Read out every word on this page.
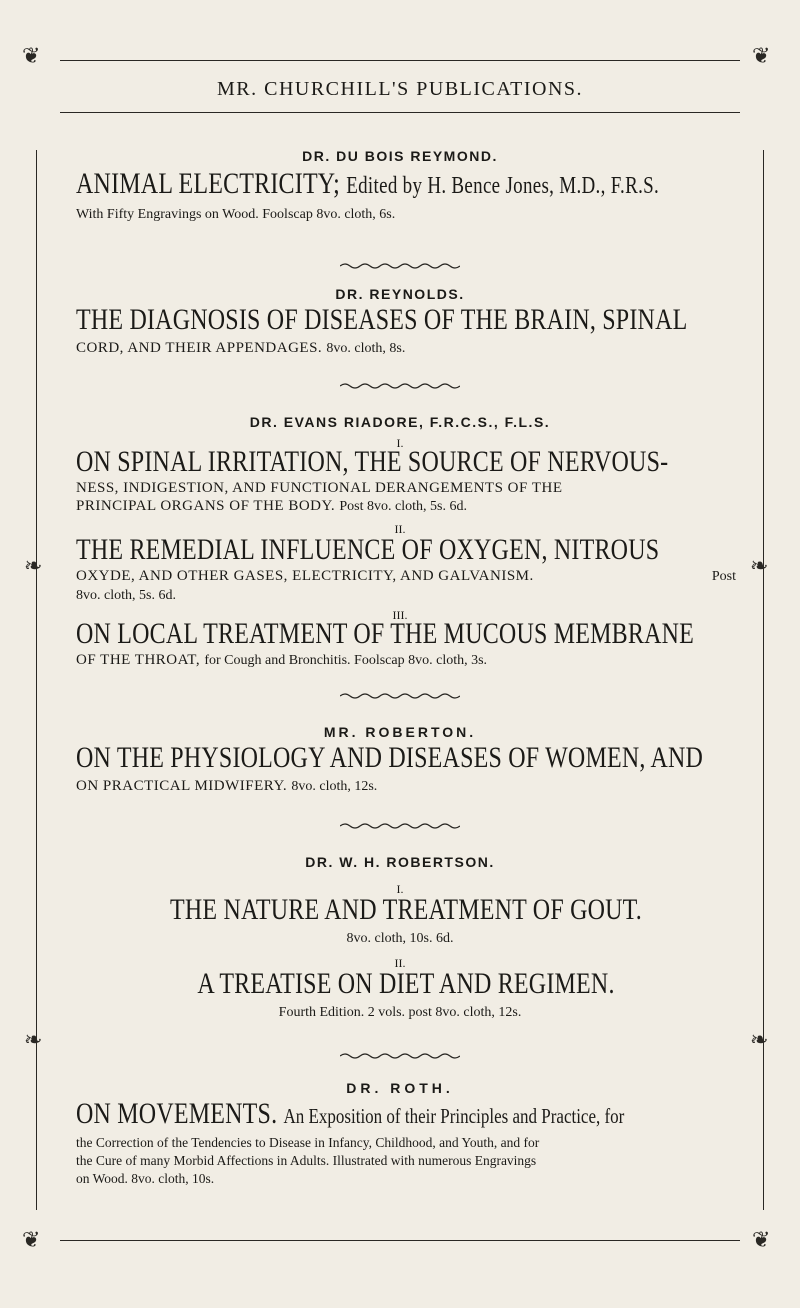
❦	❦
❦	❦
❧	❧
❧	❧
MR. CHURCHILL'S PUBLICATIONS.
DR. DU BOIS REYMOND.
ANIMAL ELECTRICITY; Edited by H. Bence Jones, M.D., F.R.S.
With Fifty Engravings on Wood. Foolscap 8vo. cloth, 6s.
DR. REYNOLDS.
THE DIAGNOSIS OF DISEASES OF THE BRAIN, SPINAL
CORD, AND THEIR APPENDAGES. 8vo. cloth, 8s.
DR. EVANS RIADORE, F.R.C.S., F.L.S.
I.
ON SPINAL IRRITATION, THE SOURCE OF NERVOUS-
NESS, INDIGESTION, AND FUNCTIONAL DERANGEMENTS OF THE
PRINCIPAL ORGANS OF THE BODY. Post 8vo. cloth, 5s. 6d.
II.
THE REMEDIAL INFLUENCE OF OXYGEN, NITROUS
OXYDE, AND OTHER GASES, ELECTRICITY, AND GALVANISM.	Post
8vo. cloth, 5s. 6d.
III.
ON LOCAL TREATMENT OF THE MUCOUS MEMBRANE
OF THE THROAT, for Cough and Bronchitis. Foolscap 8vo. cloth, 3s.
MR. ROBERTON.
ON THE PHYSIOLOGY AND DISEASES OF WOMEN, AND
ON PRACTICAL MIDWIFERY. 8vo. cloth, 12s.
DR. W. H. ROBERTSON.
I.
THE NATURE AND TREATMENT OF GOUT.
8vo. cloth, 10s. 6d.
II.
A TREATISE ON DIET AND REGIMEN.
Fourth Edition. 2 vols. post 8vo. cloth, 12s.
DR. ROTH.
ON MOVEMENTS. An Exposition of their Principles and Practice, for
the Correction of the Tendencies to Disease in Infancy, Childhood, and Youth, and for
the Cure of many Morbid Affections in Adults. Illustrated with numerous Engravings
on Wood. 8vo. cloth, 10s.
